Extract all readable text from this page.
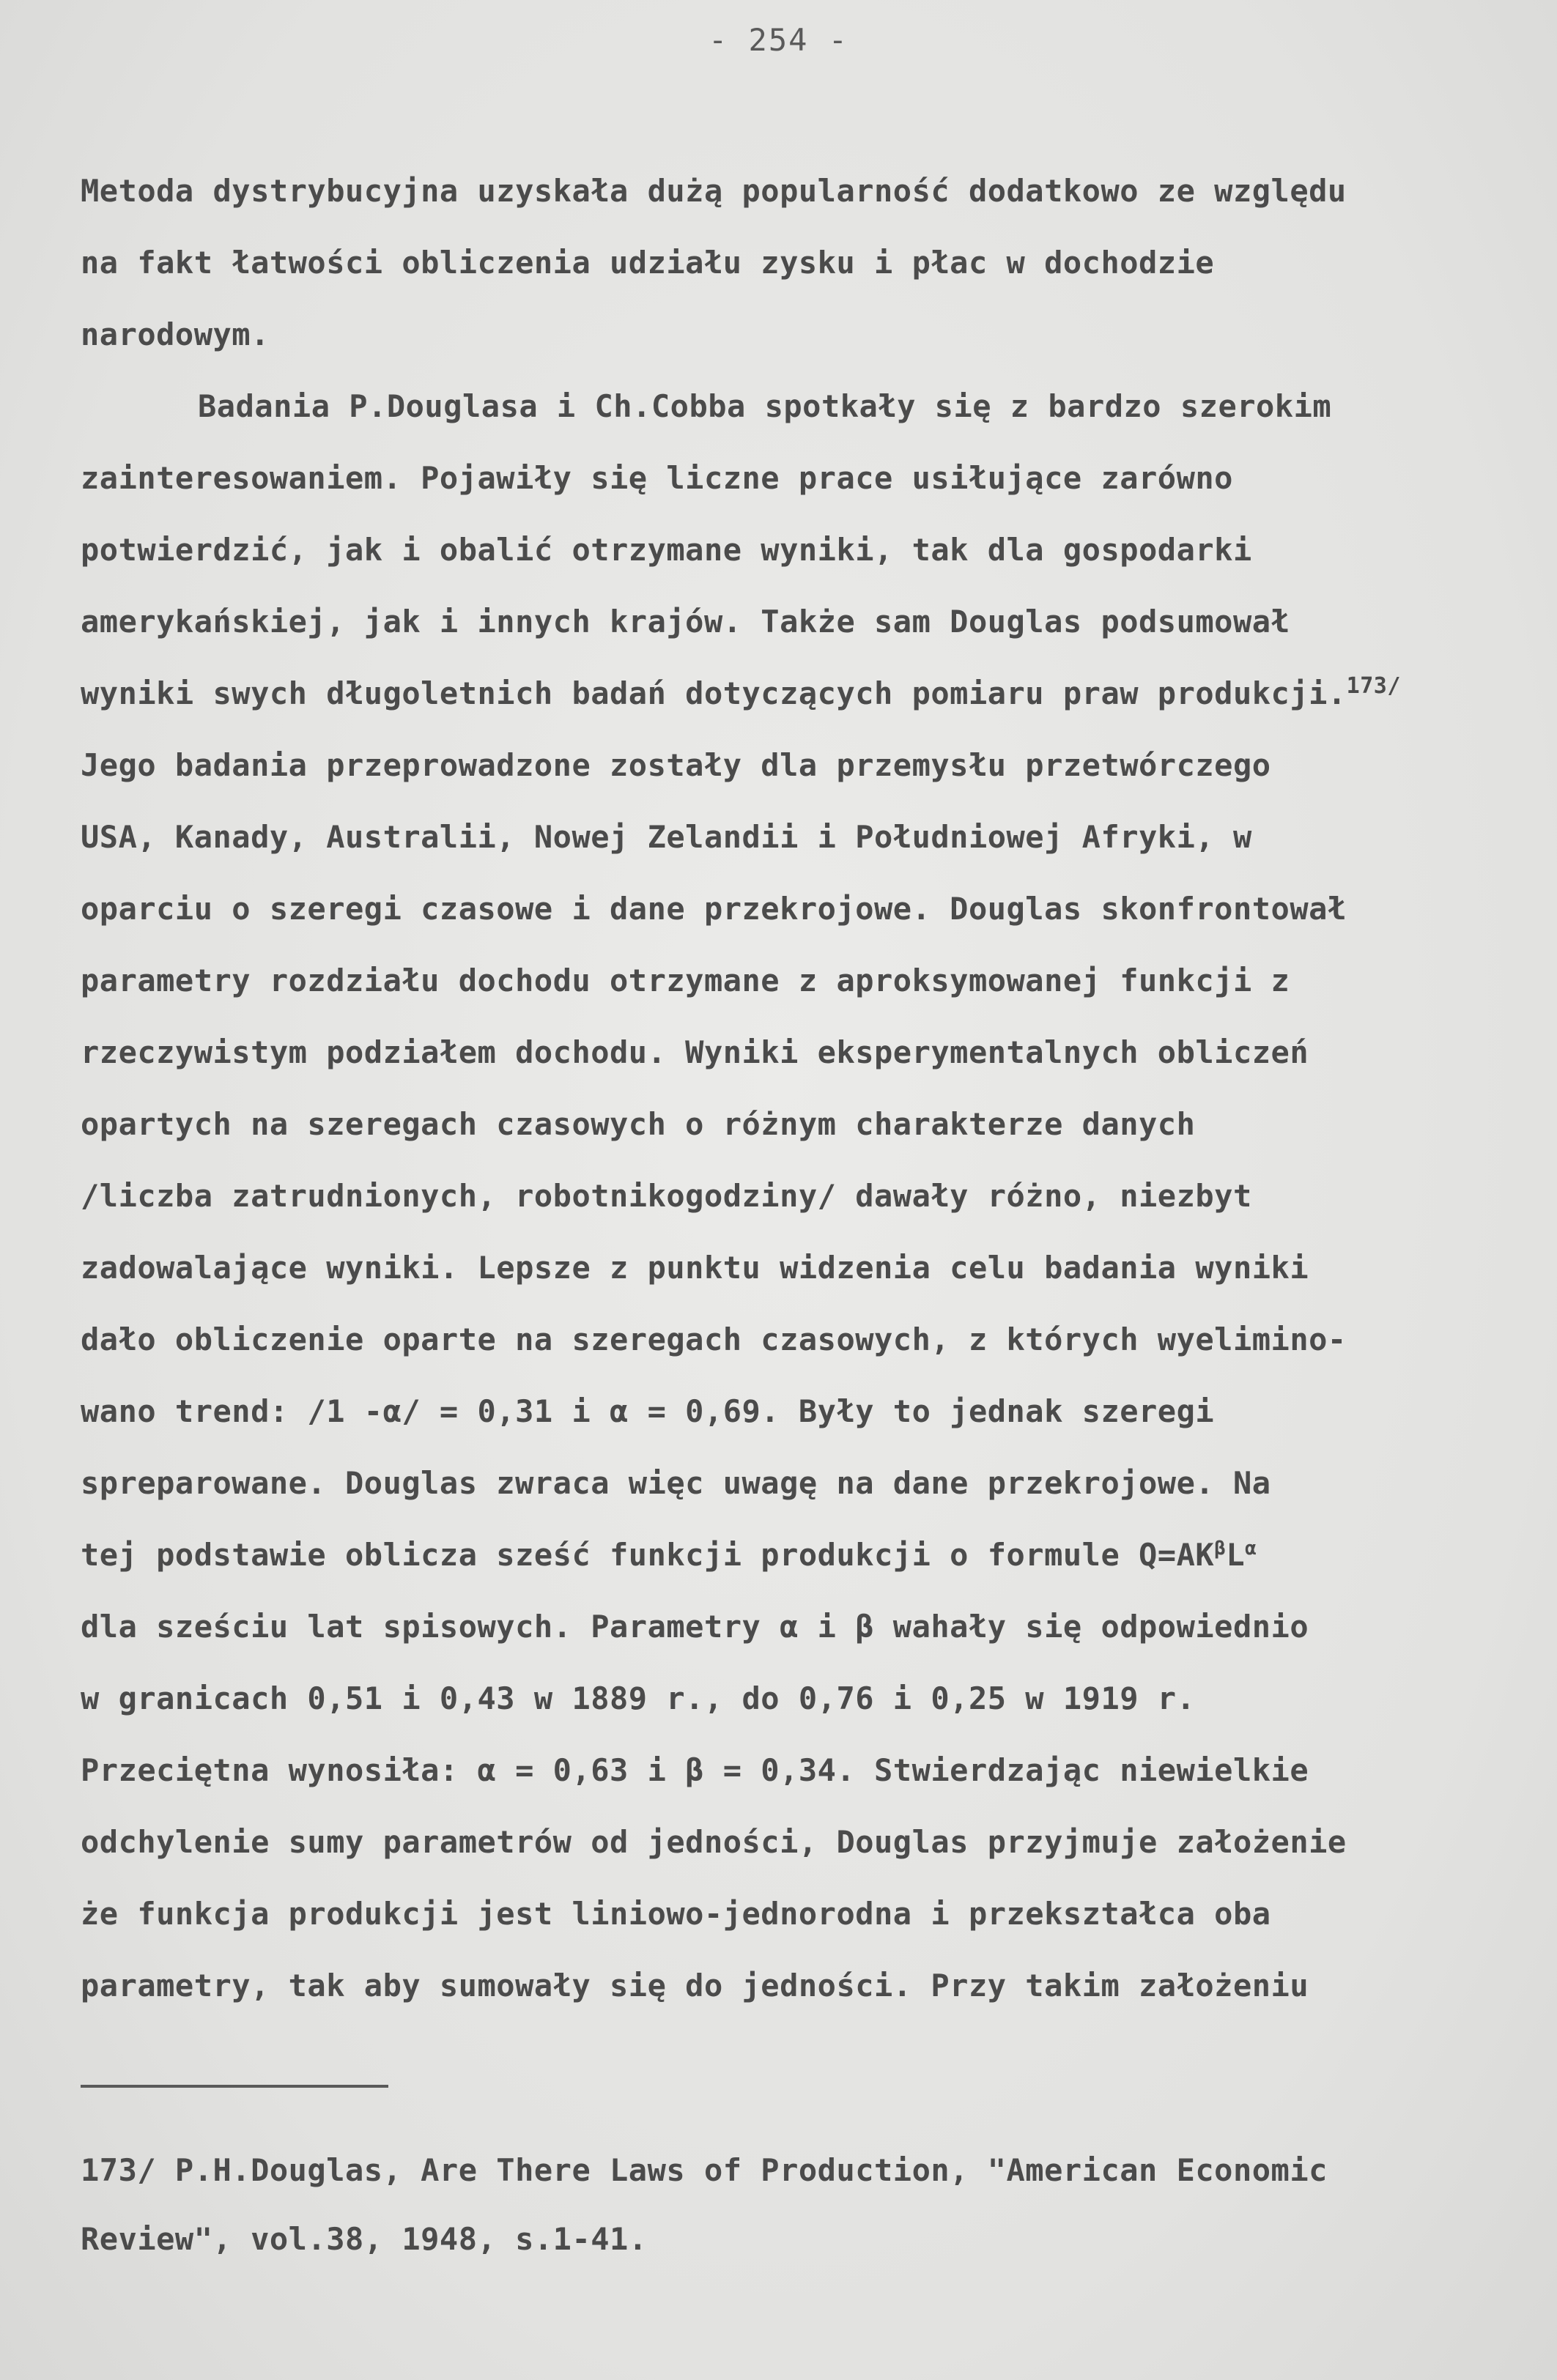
- 254 -
Metoda dystrybucyjna uzyskała dużą popularność dodatkowo ze względu
na fakt łatwości obliczenia udziału zysku i płac w dochodzie
narodowym.
Badania P.Douglasa i Ch.Cobba spotkały się z bardzo szerokim
zainteresowaniem. Pojawiły się liczne prace usiłujące zarówno
potwierdzić, jak i obalić otrzymane wyniki, tak dla gospodarki
amerykańskiej, jak i innych krajów. Także sam Douglas podsumował
wyniki swych długoletnich badań dotyczących pomiaru praw produkcji.$^{173/}$
Jego badania przeprowadzone zostały dla przemysłu przetwórczego
USA, Kanady, Australii, Nowej Zelandii i Południowej Afryki, w
oparciu o szeregi czasowe i dane przekrojowe. Douglas skonfrontował
parametry rozdziału dochodu otrzymane z aproksymowanej funkcji z
rzeczywistym podziałem dochodu. Wyniki eksperymentalnych obliczeń
opartych na szeregach czasowych o różnym charakterze danych
/liczba zatrudnionych, robotnikogodziny/ dawały różno, niezbyt
zadowalające wyniki. Lepsze z punktu widzenia celu badania wyniki
dało obliczenie oparte na szeregach czasowych, z których wyelimino-
wano trend: /1 -α/ = 0,31 i α = 0,69. Były to jednak szeregi
spreparowane. Douglas zwraca więc uwagę na dane przekrojowe. Na
tej podstawie oblicza sześć funkcji produkcji o formule $Q=AK^\beta L^\alpha$
dla sześciu lat spisowych. Parametry α i β wahały się odpowiednio
w granicach 0,51 i 0,43 w 1889 r., do 0,76 i 0,25 w 1919 r.
Przeciętna wynosiła: α = 0,63 i β = 0,34. Stwierdzając niewielkie
odchylenie sumy parametrów od jedności, Douglas przyjmuje założenie
że funkcja produkcji jest liniowo-jednorodna i przekształca oba
parametry, tak aby sumowały się do jedności. Przy takim założeniu
173/ P.H.Douglas, Are There Laws of Production, "American Economic
Review", vol.38, 1948, s.1-41.
